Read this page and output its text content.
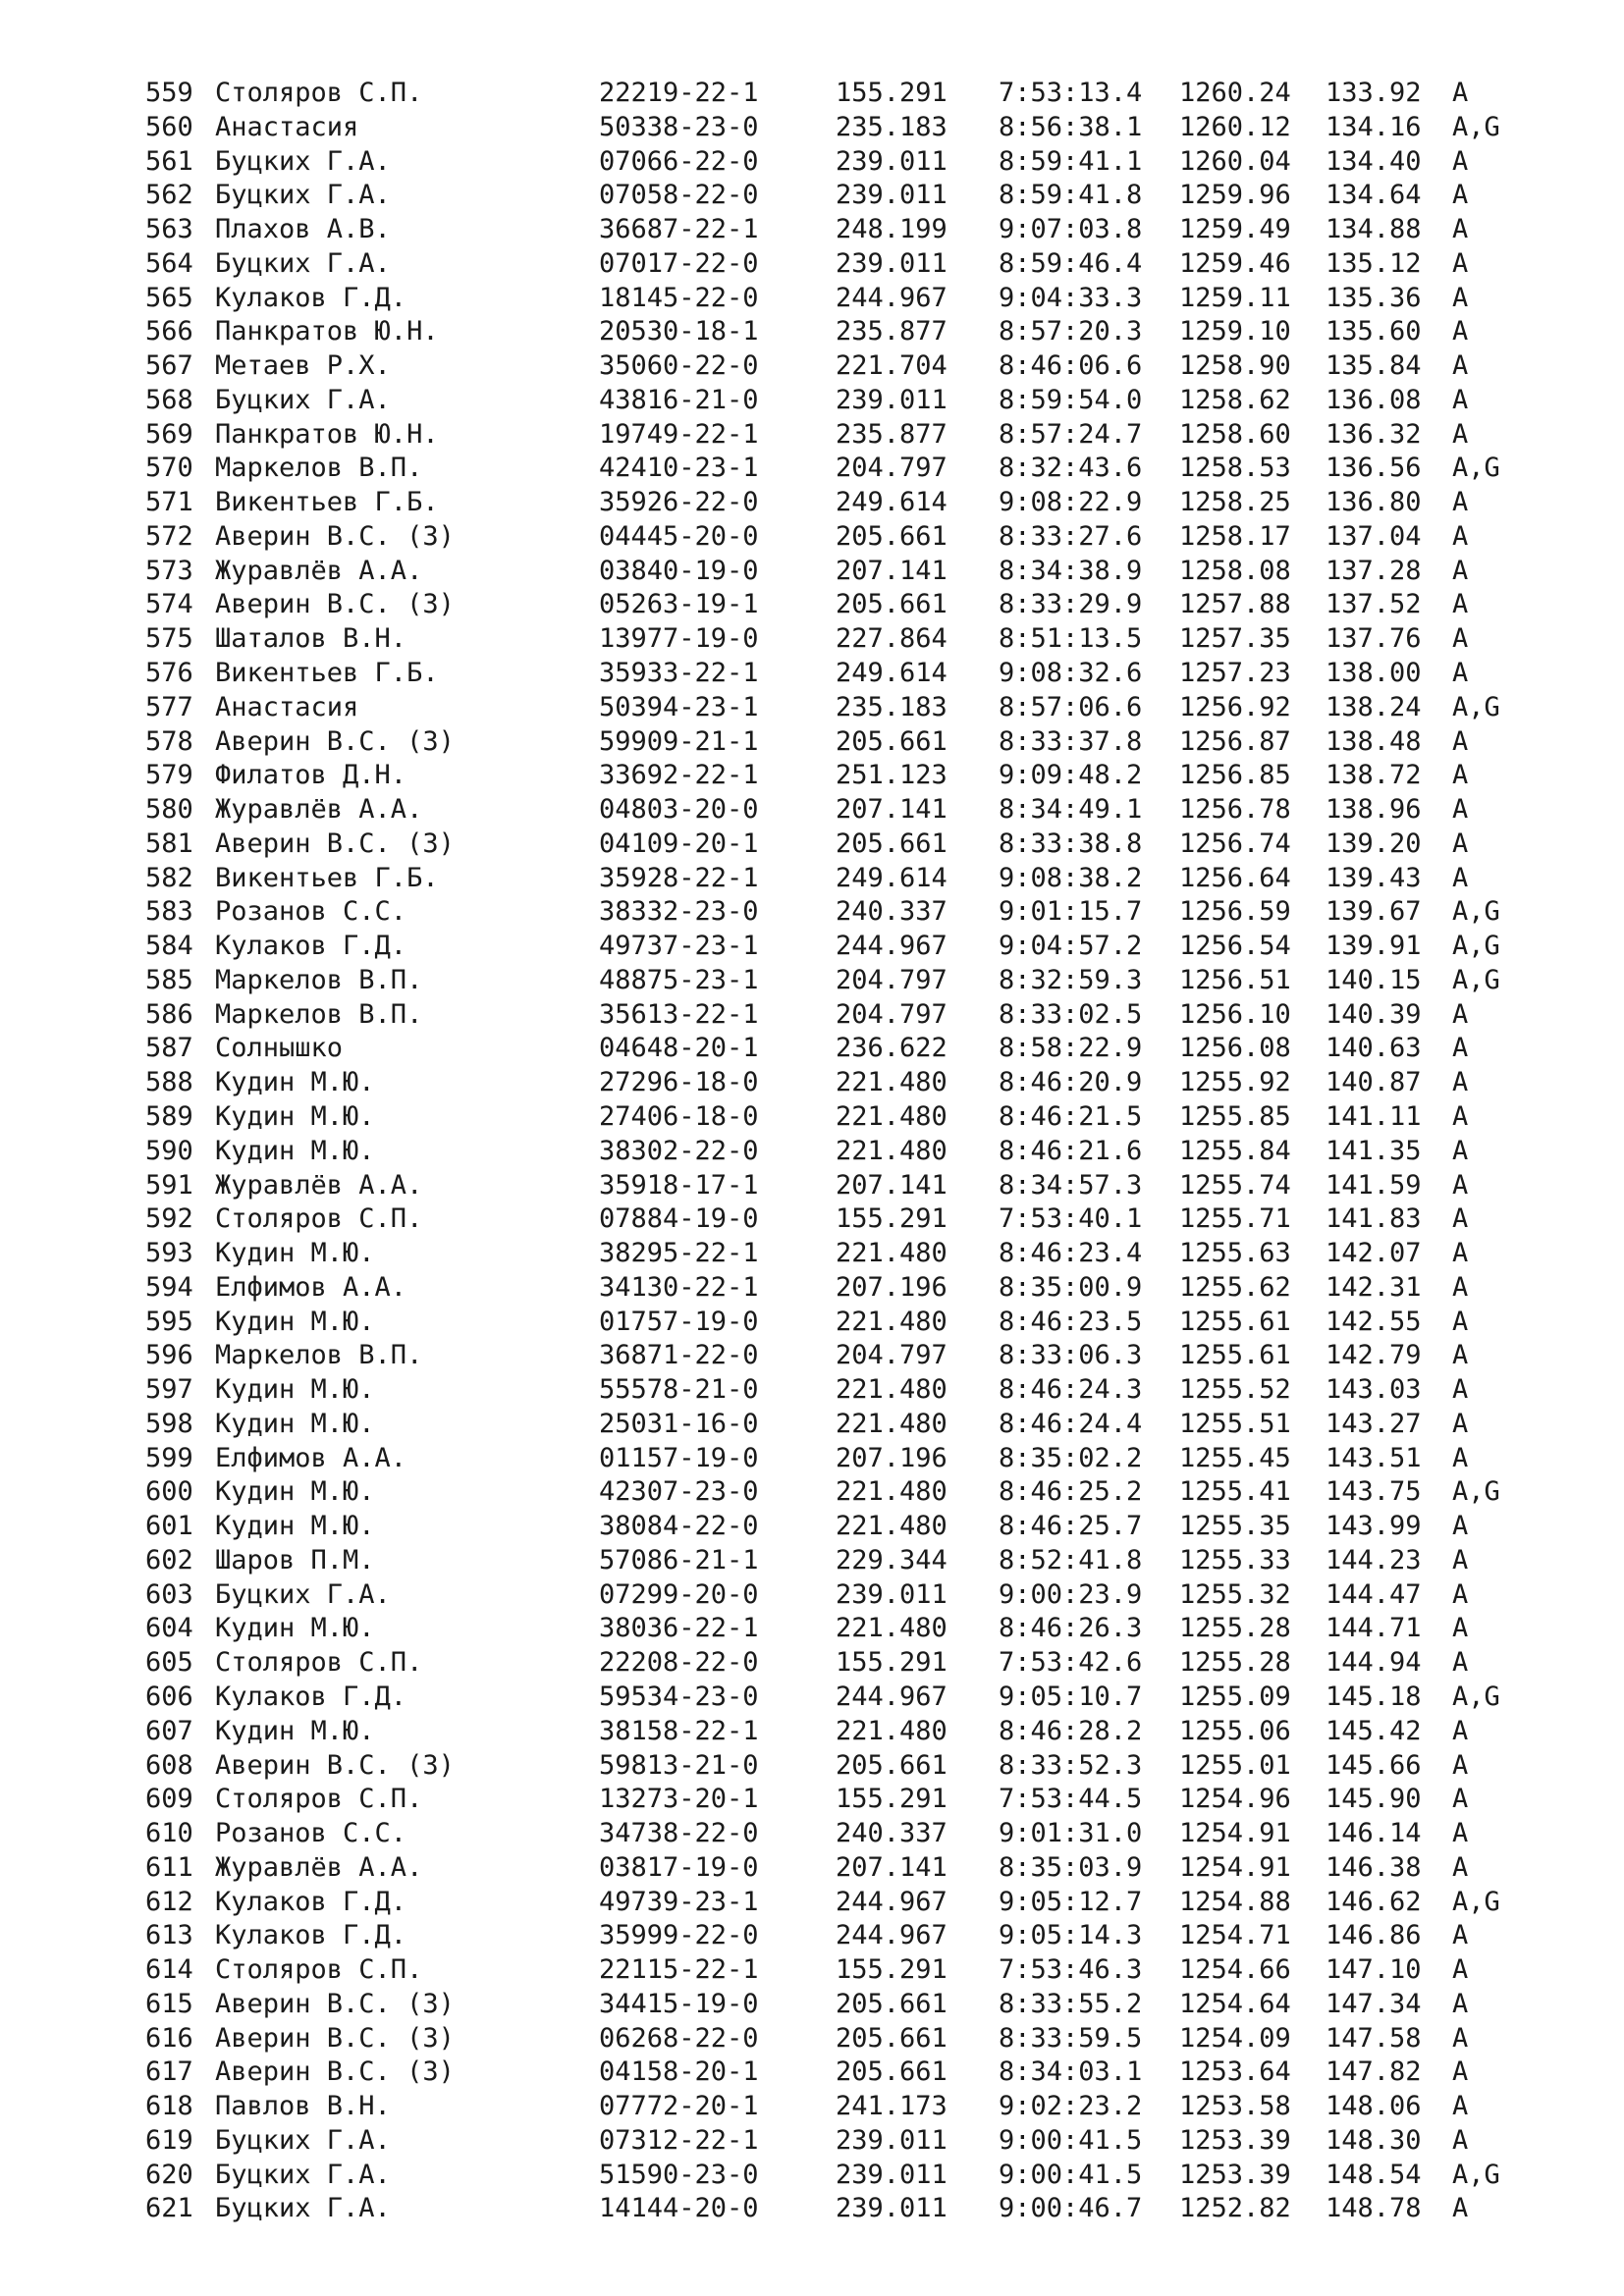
559 Столяров С.П.	22219-22-1	155.291 7:53:13.4 1260.24 133.92 A
560 Анастасия	50338-23-0	235.183 8:56:38.1 1260.12 134.16 A,G
561 Буцких Г.А.	07066-22-0	239.011 8:59:41.1 1260.04 134.40 A
562 Буцких Г.А.	07058-22-0	239.011 8:59:41.8 1259.96 134.64 A
563 Плахов А.В.	36687-22-1	248.199 9:07:03.8 1259.49 134.88 A
564 Буцких Г.А.	07017-22-0	239.011 8:59:46.4 1259.46 135.12 A
565 Кулаков Г.Д.	18145-22-0	244.967 9:04:33.3 1259.11 135.36 A
566 Панкратов Ю.Н.	20530-18-1	235.877 8:57:20.3 1259.10 135.60 A
567 Метаев Р.Х.	35060-22-0	221.704 8:46:06.6 1258.90 135.84 A
568 Буцких Г.А.	43816-21-0	239.011 8:59:54.0 1258.62 136.08 A
569 Панкратов Ю.Н.	19749-22-1	235.877 8:57:24.7 1258.60 136.32 A
570 Маркелов В.П.	42410-23-1	204.797 8:32:43.6 1258.53 136.56 A,G
571 Викентьев Г.Б.	35926-22-0	249.614 9:08:22.9 1258.25 136.80 A
572 Аверин В.С. (З)	04445-20-0	205.661 8:33:27.6 1258.17 137.04 A
573 Журавлёв А.А.	03840-19-0	207.141 8:34:38.9 1258.08 137.28 A
574 Аверин В.С. (З)	05263-19-1	205.661 8:33:29.9 1257.88 137.52 A
575 Шаталов В.Н.	13977-19-0	227.864 8:51:13.5 1257.35 137.76 A
576 Викентьев Г.Б.	35933-22-1	249.614 9:08:32.6 1257.23 138.00 A
577 Анастасия	50394-23-1	235.183 8:57:06.6 1256.92 138.24 A,G
578 Аверин В.С. (З)	59909-21-1	205.661 8:33:37.8 1256.87 138.48 A
579 Филатов Д.Н.	33692-22-1	251.123 9:09:48.2 1256.85 138.72 A
580 Журавлёв А.А.	04803-20-0	207.141 8:34:49.1 1256.78 138.96 A
581 Аверин В.С. (З)	04109-20-1	205.661 8:33:38.8 1256.74 139.20 A
582 Викентьев Г.Б.	35928-22-1	249.614 9:08:38.2 1256.64 139.43 A
583 Розанов С.С.	38332-23-0	240.337 9:01:15.7 1256.59 139.67 A,G
584 Кулаков Г.Д.	49737-23-1	244.967 9:04:57.2 1256.54 139.91 A,G
585 Маркелов В.П.	48875-23-1	204.797 8:32:59.3 1256.51 140.15 A,G
586 Маркелов В.П.	35613-22-1	204.797 8:33:02.5 1256.10 140.39 A
587 Солнышко	04648-20-1	236.622 8:58:22.9 1256.08 140.63 A
588 Кудин М.Ю.	27296-18-0	221.480 8:46:20.9 1255.92 140.87 A
589 Кудин М.Ю.	27406-18-0	221.480 8:46:21.5 1255.85 141.11 A
590 Кудин М.Ю.	38302-22-0	221.480 8:46:21.6 1255.84 141.35 A
591 Журавлёв А.А.	35918-17-1	207.141 8:34:57.3 1255.74 141.59 A
592 Столяров С.П.	07884-19-0	155.291 7:53:40.1 1255.71 141.83 A
593 Кудин М.Ю.	38295-22-1	221.480 8:46:23.4 1255.63 142.07 A
594 Елфимов А.А.	34130-22-1	207.196 8:35:00.9 1255.62 142.31 A
595 Кудин М.Ю.	01757-19-0	221.480 8:46:23.5 1255.61 142.55 A
596 Маркелов В.П.	36871-22-0	204.797 8:33:06.3 1255.61 142.79 A
597 Кудин М.Ю.	55578-21-0	221.480 8:46:24.3 1255.52 143.03 A
598 Кудин М.Ю.	25031-16-0	221.480 8:46:24.4 1255.51 143.27 A
599 Елфимов А.А.	01157-19-0	207.196 8:35:02.2 1255.45 143.51 A
600 Кудин М.Ю.	42307-23-0	221.480 8:46:25.2 1255.41 143.75 A,G
601 Кудин М.Ю.	38084-22-0	221.480 8:46:25.7 1255.35 143.99 A
602 Шаров П.М.	57086-21-1	229.344 8:52:41.8 1255.33 144.23 A
603 Буцких Г.А.	07299-20-0	239.011 9:00:23.9 1255.32 144.47 A
604 Кудин М.Ю.	38036-22-1	221.480 8:46:26.3 1255.28 144.71 A
605 Столяров С.П.	22208-22-0	155.291 7:53:42.6 1255.28 144.94 A
606 Кулаков Г.Д.	59534-23-0	244.967 9:05:10.7 1255.09 145.18 A,G
607 Кудин М.Ю.	38158-22-1	221.480 8:46:28.2 1255.06 145.42 A
608 Аверин В.С. (З)	59813-21-0	205.661 8:33:52.3 1255.01 145.66 A
609 Столяров С.П.	13273-20-1	155.291 7:53:44.5 1254.96 145.90 A
610 Розанов С.С.	34738-22-0	240.337 9:01:31.0 1254.91 146.14 A
611 Журавлёв А.А.	03817-19-0	207.141 8:35:03.9 1254.91 146.38 A
612 Кулаков Г.Д.	49739-23-1	244.967 9:05:12.7 1254.88 146.62 A,G
613 Кулаков Г.Д.	35999-22-0	244.967 9:05:14.3 1254.71 146.86 A
614 Столяров С.П.	22115-22-1	155.291 7:53:46.3 1254.66 147.10 A
615 Аверин В.С. (З)	34415-19-0	205.661 8:33:55.2 1254.64 147.34 A
616 Аверин В.С. (З)	06268-22-0	205.661 8:33:59.5 1254.09 147.58 A
617 Аверин В.С. (З)	04158-20-1	205.661 8:34:03.1 1253.64 147.82 A
618 Павлов В.Н.	07772-20-1	241.173 9:02:23.2 1253.58 148.06 A
619 Буцких Г.А.	07312-22-1	239.011 9:00:41.5 1253.39 148.30 A
620 Буцких Г.А.	51590-23-0	239.011 9:00:41.5 1253.39 148.54 A,G
621 Буцких Г.А.	14144-20-0	239.011 9:00:46.7 1252.82 148.78 A
